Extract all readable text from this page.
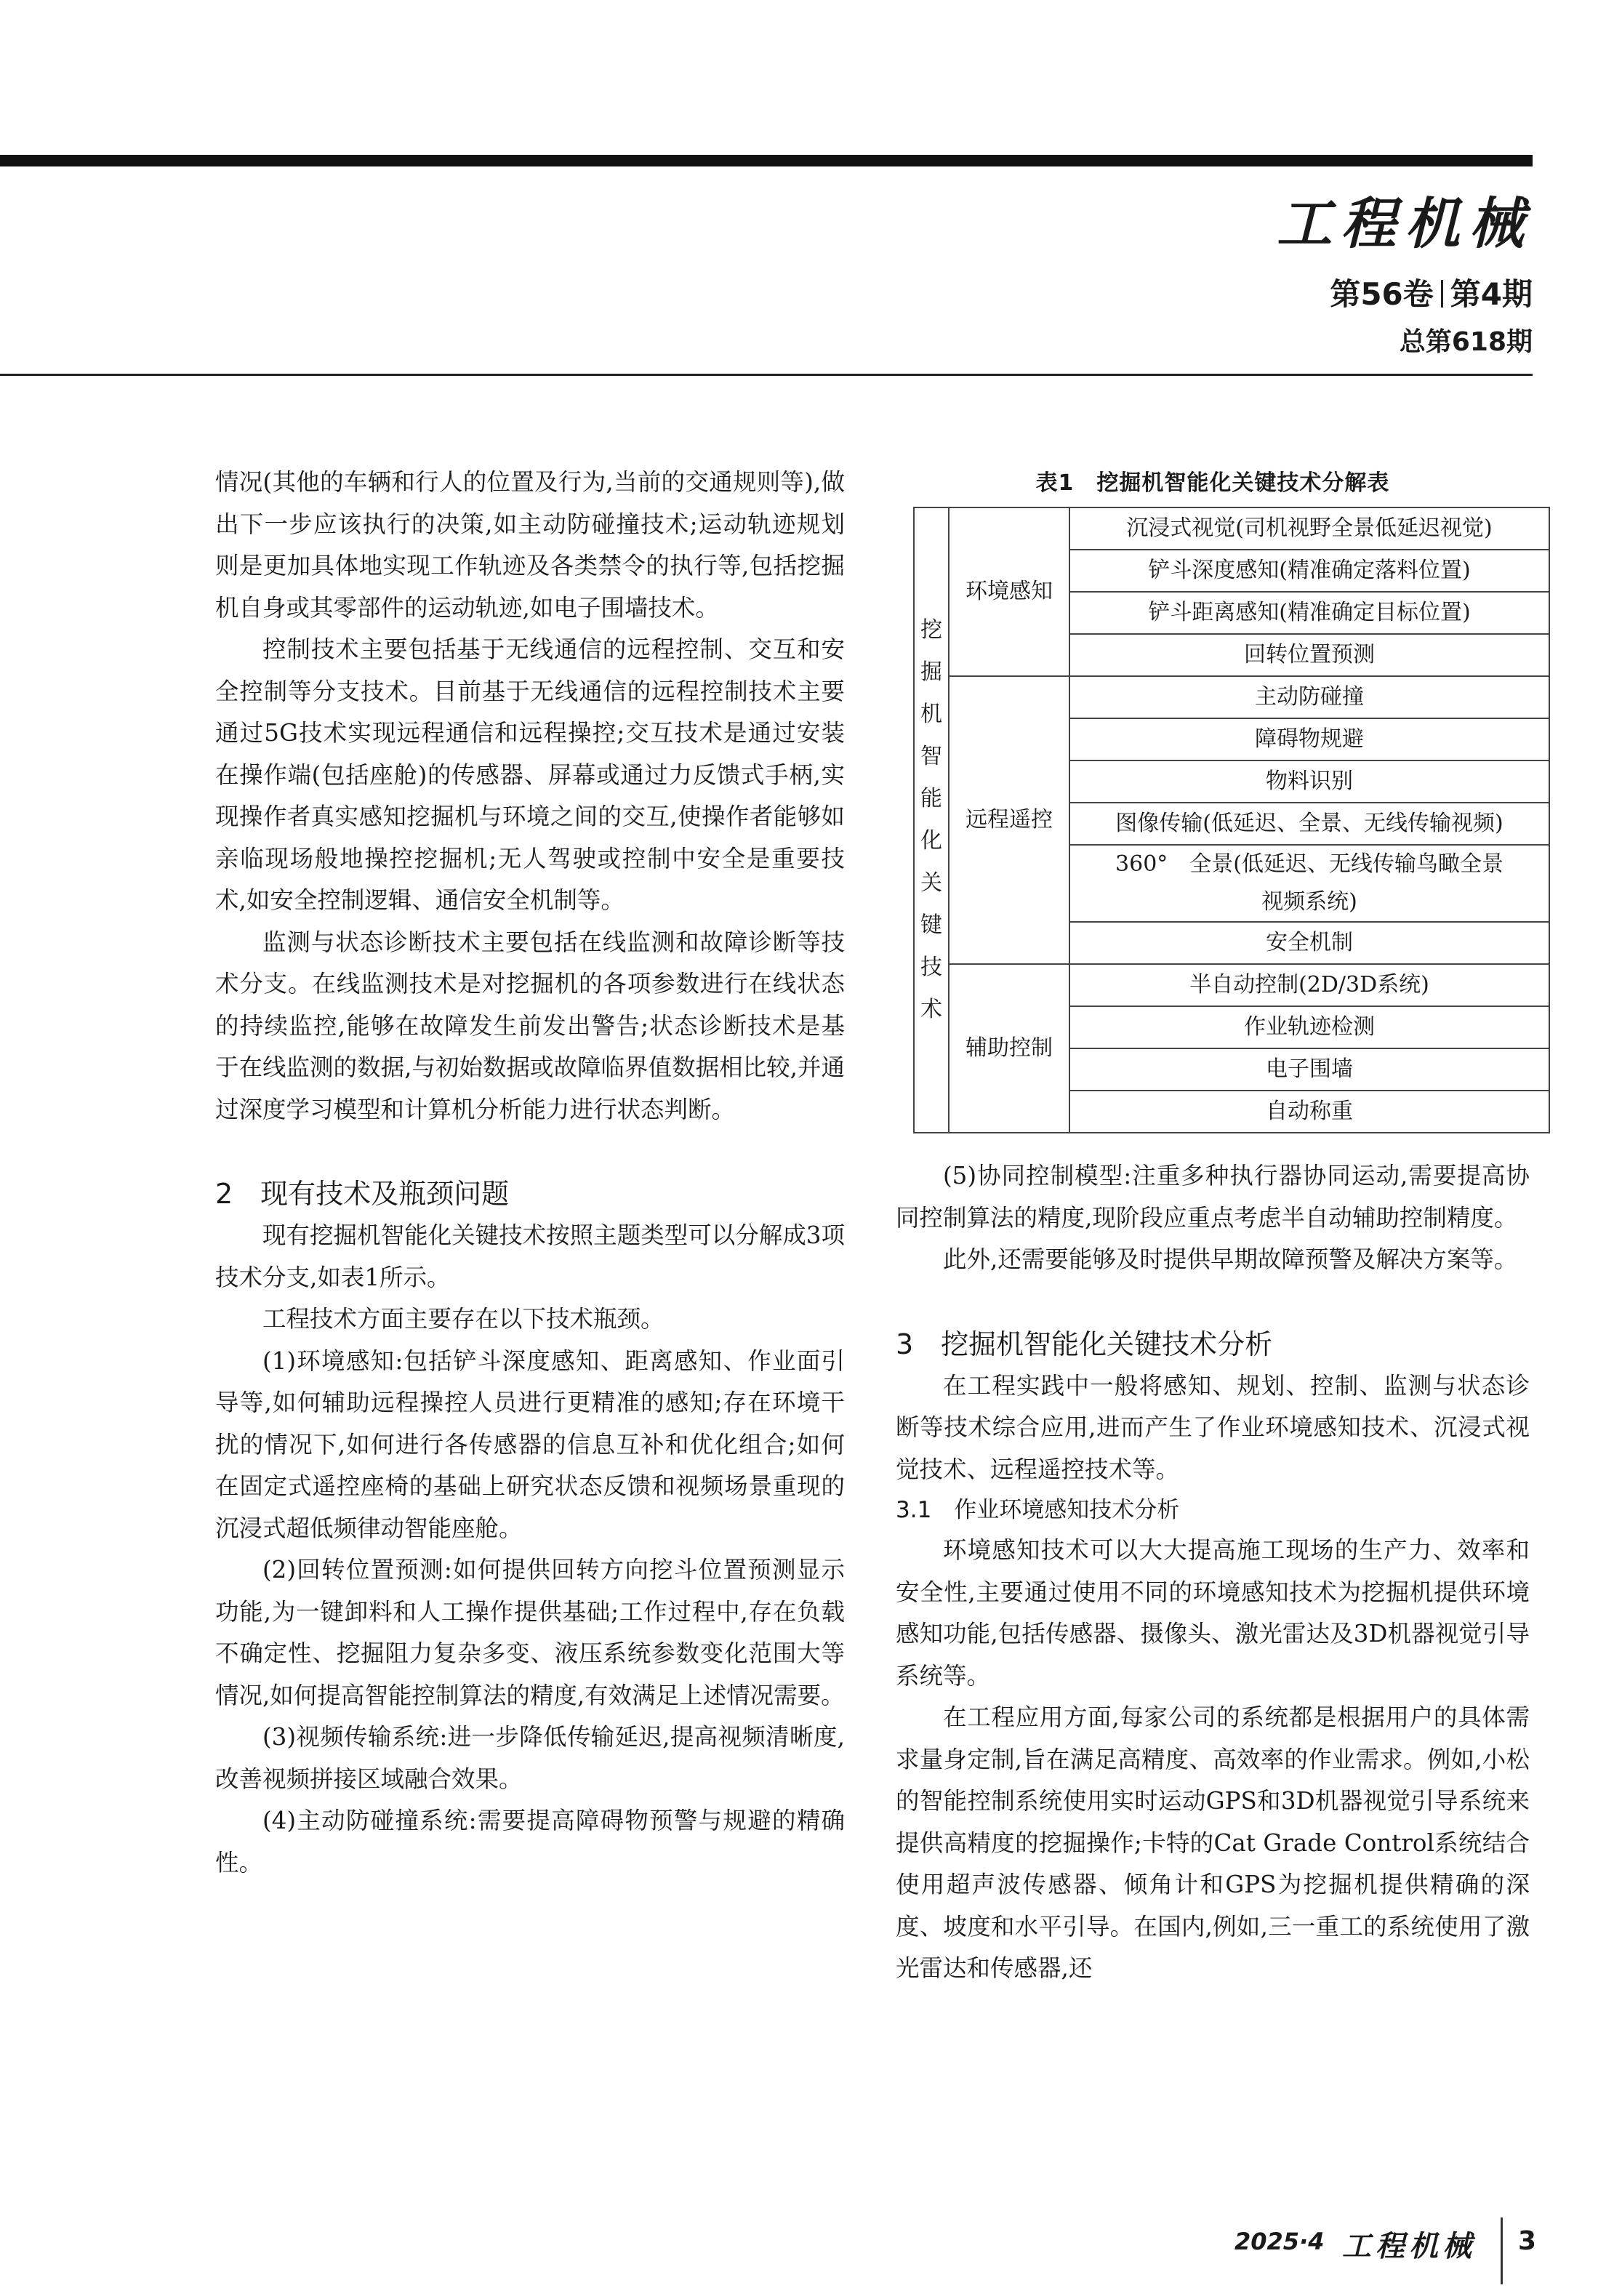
工程机械
第56卷 第4期
总第618期

情况(其他的车辆和行人的位置及行为,当前的交通规则等),做出下一步应该执行的决策,如主动防碰撞技术;运动轨迹规划则是更加具体地实现工作轨迹及各类禁令的执行等,包括挖掘机自身或其零部件的运动轨迹,如电子围墙技术。

控制技术主要包括基于无线通信的远程控制、交互和安全控制等分支技术。目前基于无线通信的远程控制技术主要通过5G技术实现远程通信和远程操控;交互技术是通过安装在操作端(包括座舱)的传感器、屏幕或通过力反馈式手柄,实现操作者真实感知挖掘机与环境之间的交互,使操作者能够如亲临现场般地操控挖掘机;无人驾驶或控制中安全是重要技术,如安全控制逻辑、通信安全机制等。

监测与状态诊断技术主要包括在线监测和故障诊断等技术分支。在线监测技术是对挖掘机的各项参数进行在线状态的持续监控,能够在故障发生前发出警告;状态诊断技术是基于在线监测的数据,与初始数据或故障临界值数据相比较,并通过深度学习模型和计算机分析能力进行状态判断。

2　现有技术及瓶颈问题

现有挖掘机智能化关键技术按照主题类型可以分解成3项技术分支,如表1所示。

工程技术方面主要存在以下技术瓶颈。

(1)环境感知:包括铲斗深度感知、距离感知、作业面引导等,如何辅助远程操控人员进行更精准的感知;存在环境干扰的情况下,如何进行各传感器的信息互补和优化组合;如何在固定式遥控座椅的基础上研究状态反馈和视频场景重现的沉浸式超低频律动智能座舱。

(2)回转位置预测:如何提供回转方向挖斗位置预测显示功能,为一键卸料和人工操作提供基础;工作过程中,存在负载不确定性、挖掘阻力复杂多变、液压系统参数变化范围大等情况,如何提高智能控制算法的精度,有效满足上述情况需要。

(3)视频传输系统:进一步降低传输延迟,提高视频清晰度,改善视频拼接区域融合效果。

(4)主动防碰撞系统:需要提高障碍物预警与规避的精确性。

表1　挖掘机智能化关键技术分解表
挖掘机智能化关键技术	环境感知	沉浸式视觉(司机视野全景低延迟视觉)
		铲斗深度感知(精准确定落料位置)
		铲斗距离感知(精准确定目标位置)
		回转位置预测
	远程遥控	主动防碰撞
		障碍物规避
		物料识别
		图像传输(低延迟、全景、无线传输视频)
		360°　全景(低延迟、无线传输鸟瞰全景视频系统)
		安全机制
	辅助控制	半自动控制(2D/3D系统)
		作业轨迹检测
		电子围墙
		自动称重

(5)协同控制模型:注重多种执行器协同运动,需要提高协同控制算法的精度,现阶段应重点考虑半自动辅助控制精度。

此外,还需要能够及时提供早期故障预警及解决方案等。

3　挖掘机智能化关键技术分析

在工程实践中一般将感知、规划、控制、监测与状态诊断等技术综合应用,进而产生了作业环境感知技术、沉浸式视觉技术、远程遥控技术等。

3.1　作业环境感知技术分析

环境感知技术可以大大提高施工现场的生产力、效率和安全性,主要通过使用不同的环境感知技术为挖掘机提供环境感知功能,包括传感器、摄像头、激光雷达及3D机器视觉引导系统等。

在工程应用方面,每家公司的系统都是根据用户的具体需求量身定制,旨在满足高精度、高效率的作业需求。例如,小松的智能控制系统使用实时运动GPS和3D机器视觉引导系统来提供高精度的挖掘操作;卡特的Cat Grade Control系统结合使用超声波传感器、倾角计和GPS为挖掘机提供精确的深度、坡度和水平引导。在国内,例如,三一重工的系统使用了激光雷达和传感器,还

2025·4 工程机械 3
